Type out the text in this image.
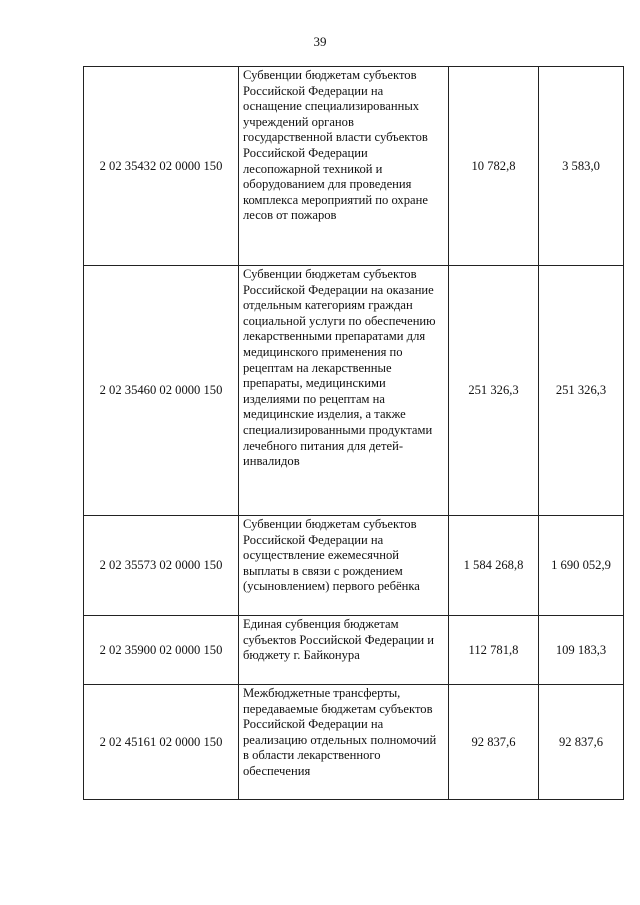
39
2 02 35432 02 0000 150	Субвенции бюджетам субъектов Российской Федерации на оснащение специализированных учреждений органов государственной власти субъектов Российской Федерации лесопожарной техникой и оборудованием для проведения комплекса мероприятий по охране лесов от пожаров	10 782,8	3 583,0
2 02 35460 02 0000 150	Субвенции бюджетам субъектов Российской Федерации на оказание отдельным категориям граждан социальной услуги по обеспечению лекарственными препаратами для медицинского применения по рецептам на лекарственные препараты, медицинскими изделиями по рецептам на медицинские изделия, а также специализированными продуктами лечебного питания для детей-инвалидов	251 326,3	251 326,3
2 02 35573 02 0000 150	Субвенции бюджетам субъектов Российской Федерации на осуществление ежемесячной выплаты в связи с рождением (усыновлением) первого ребёнка	1 584 268,8	1 690 052,9
2 02 35900 02 0000 150	Единая субвенция бюджетам субъектов Российской Федерации и бюджету г. Байконура	112 781,8	109 183,3
2 02 45161 02 0000 150	Межбюджетные трансферты, передаваемые бюджетам субъектов Российской Федерации на реализацию отдельных полномочий в области лекарственного обеспечения	92 837,6	92 837,6
